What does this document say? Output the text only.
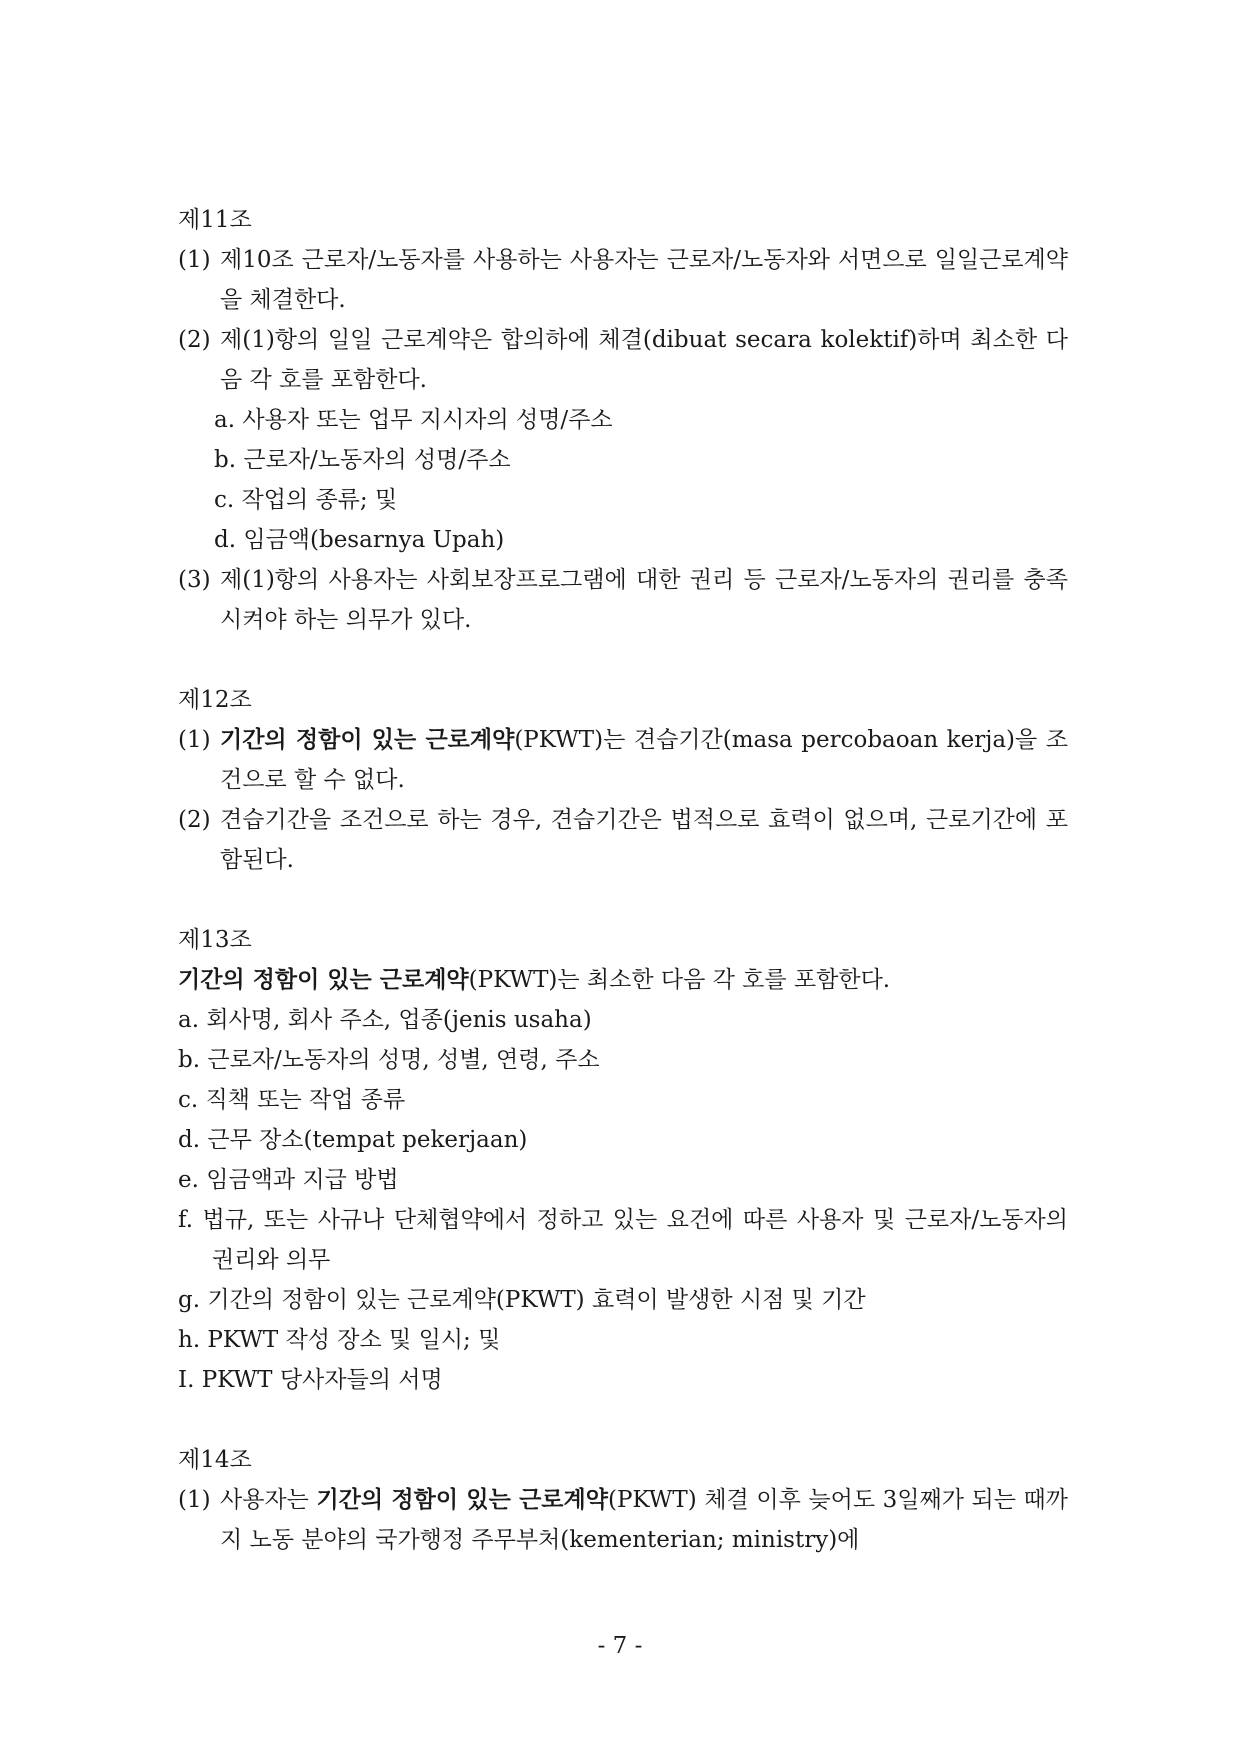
제11조
(1) 제10조 근로자/노동자를 사용하는 사용자는 근로자/노동자와 서면으로 일일근로계약을 체결한다.
(2) 제(1)항의 일일 근로계약은 합의하에 체결(dibuat secara kolektif)하며 최소한 다음 각 호를 포함한다.
a. 사용자 또는 업무 지시자의 성명/주소
b. 근로자/노동자의 성명/주소
c. 작업의 종류; 및
d. 임금액(besarnya Upah)
(3) 제(1)항의 사용자는 사회보장프로그램에 대한 권리 등 근로자/노동자의 권리를 충족시켜야 하는 의무가 있다.
제12조
(1) 기간의 정함이 있는 근로계약(PKWT)는 견습기간(masa percobaoan kerja)을 조건으로 할 수 없다.
(2) 견습기간을 조건으로 하는 경우, 견습기간은 법적으로 효력이 없으며, 근로기간에 포함된다.
제13조
기간의 정함이 있는 근로계약(PKWT)는 최소한 다음 각 호를 포함한다.
a. 회사명, 회사 주소, 업종(jenis usaha)
b. 근로자/노동자의 성명, 성별, 연령, 주소
c. 직책 또는 작업 종류
d. 근무 장소(tempat pekerjaan)
e. 임금액과 지급 방법
f. 법규, 또는 사규나 단체협약에서 정하고 있는 요건에 따른 사용자 및 근로자/노동자의 권리와 의무
g. 기간의 정함이 있는 근로계약(PKWT) 효력이 발생한 시점 및 기간
h. PKWT 작성 장소 및 일시; 및
I. PKWT 당사자들의 서명
제14조
(1) 사용자는 기간의 정함이 있는 근로계약(PKWT) 체결 이후 늦어도 3일째가 되는 때까지 노동 분야의 국가행정 주무부처(kementerian; ministry)에
- 7 -
